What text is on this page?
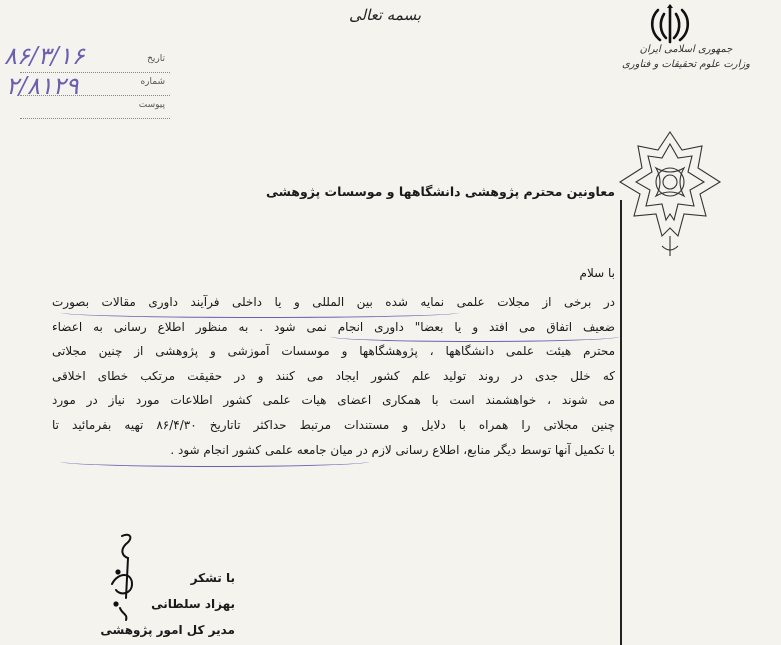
بسمه تعالی
جمهوری اسلامی ایران
وزارت علوم تحقیقات و فناوری
تاریخ
شماره
پیوست
۸۶/۳/۱۶
۲/۸۱۲۹
معاونین محترم پژوهشی دانشگاهها و موسسات پژوهشی
با سلام
در برخی از مجلات علمی نمایه شده بین المللی و یا داخلی فرآیند داوری مقالات بصورت
ضعیف اتفاق می افتد و یا بعضا" داوری انجام نمی شود . به منظور اطلاع رسانی به اعضاء
محترم هیئت علمی دانشگاهها ، پژوهشگاهها و موسسات آموزشی و پژوهشی از چنین مجلاتی
که خلل جدی در روند تولید علم کشور ایجاد می کنند و در حقیقت مرتکب خطای اخلاقی
می شوند ، خواهشمند است با همکاری اعضای هیات علمی کشور اطلاعات مورد نیاز در مورد
چنین مجلاتی را همراه با دلایل و مستندات مرتبط حداکثر تاتاریخ ۸۶/۴/۳۰ تهیه بفرمائید تا
با تکمیل آنها توسط دیگر منابع، اطلاع رسانی لازم در میان جامعه علمی کشور انجام شود .
با تشکر
بهزاد سلطانی
مدیر کل امور پژوهشی
